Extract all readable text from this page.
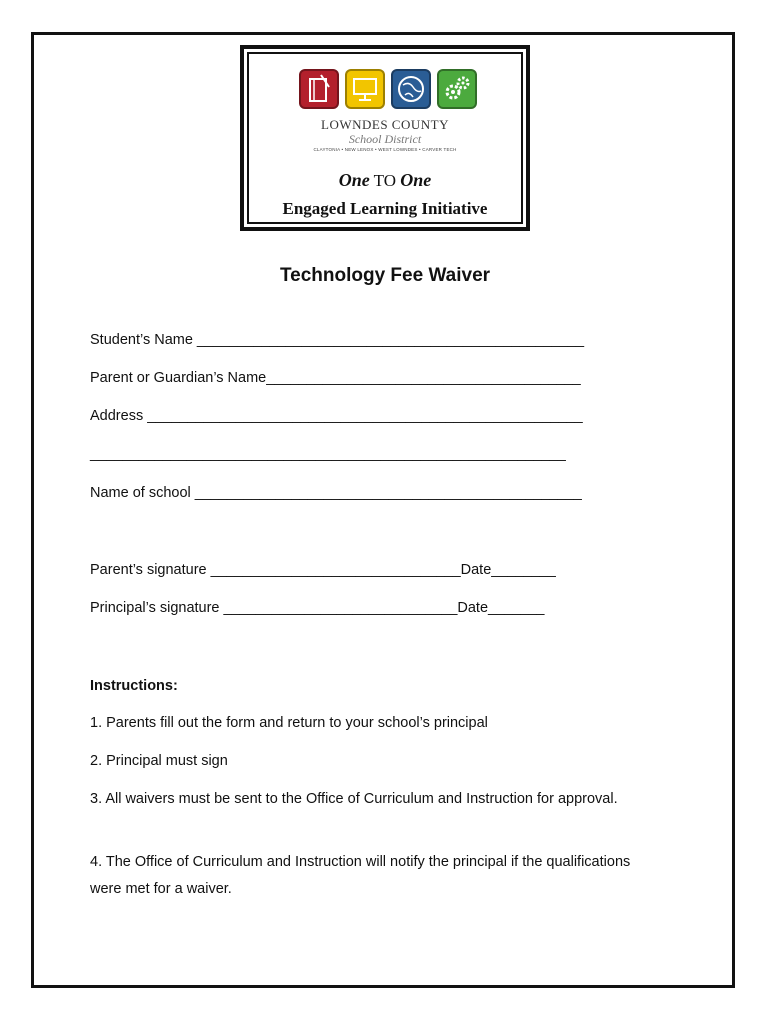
LOWNDES COUNTY
School District
CLAYTONIA • NEW LENOX • WEST LOWNDES • CARVER TECH
One TO One
Engaged Learning Initiative
Technology Fee Waiver
Student’s Name ________________________________________________
Parent or Guardian’s Name_______________________________________
Address ______________________________________________________
___________________________________________________________
Name of school ________________________________________________
Parent’s signature _______________________________Date________
Principal’s signature _____________________________Date_______
Instructions:
1. Parents fill out the form and return to your school’s principal
2. Principal must sign
3. All waivers must be sent to the Office of Curriculum and Instruction for approval.
4. The Office of Curriculum and Instruction will notify the principal if the qualifications were met for a waiver.
